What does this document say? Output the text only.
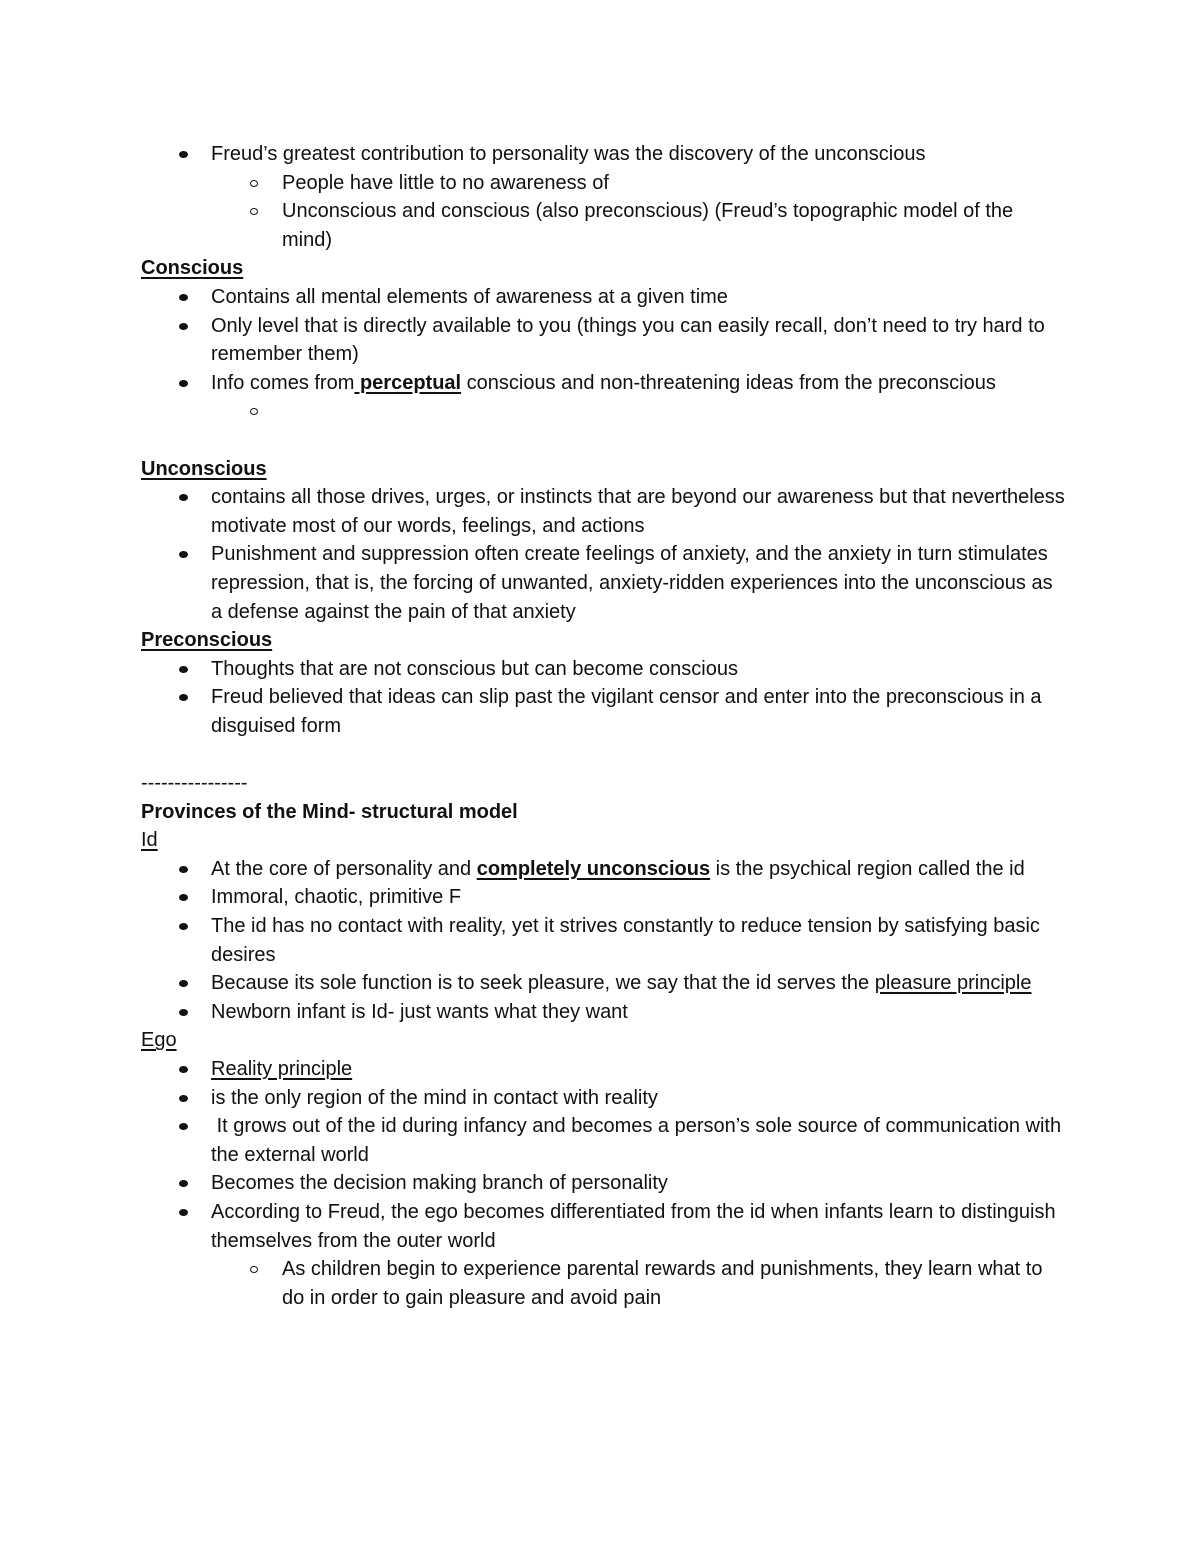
Freud’s greatest contribution to personality was the discovery of the unconscious
People have little to no awareness of
Unconscious and conscious (also preconscious) (Freud’s topographic model of the mind)
Conscious
Contains all mental elements of awareness at a given time
Only level that is directly available to you (things you can easily recall, don’t need to try hard to remember them)
Info comes from perceptual conscious and non-threatening ideas from the preconscious

Unconscious
contains all those drives, urges, or instincts that are beyond our awareness but that nevertheless motivate most of our words, feelings, and actions
Punishment and suppression often create feelings of anxiety, and the anxiety in turn stimulates repression, that is, the forcing of unwanted, anxiety-ridden experiences into the unconscious as a defense against the pain of that anxiety
Preconscious
Thoughts that are not conscious but can become conscious
Freud believed that ideas can slip past the vigilant censor and enter into the preconscious in a disguised form
----------------
Provinces of the Mind- structural model
Id
At the core of personality and completely unconscious is the psychical region called the id
Immoral, chaotic, primitive F
The id has no contact with reality, yet it strives constantly to reduce tension by satisfying basic desires
Because its sole function is to seek pleasure, we say that the id serves the pleasure principle
Newborn infant is Id- just wants what they want
Ego
Reality principle
is the only region of the mind in contact with reality
It grows out of the id during infancy and becomes a person’s sole source of communication with the external world
Becomes the decision making branch of personality
According to Freud, the ego becomes differentiated from the id when infants learn to distinguish themselves from the outer world
As children begin to experience parental rewards and punishments, they learn what to do in order to gain pleasure and avoid pain
